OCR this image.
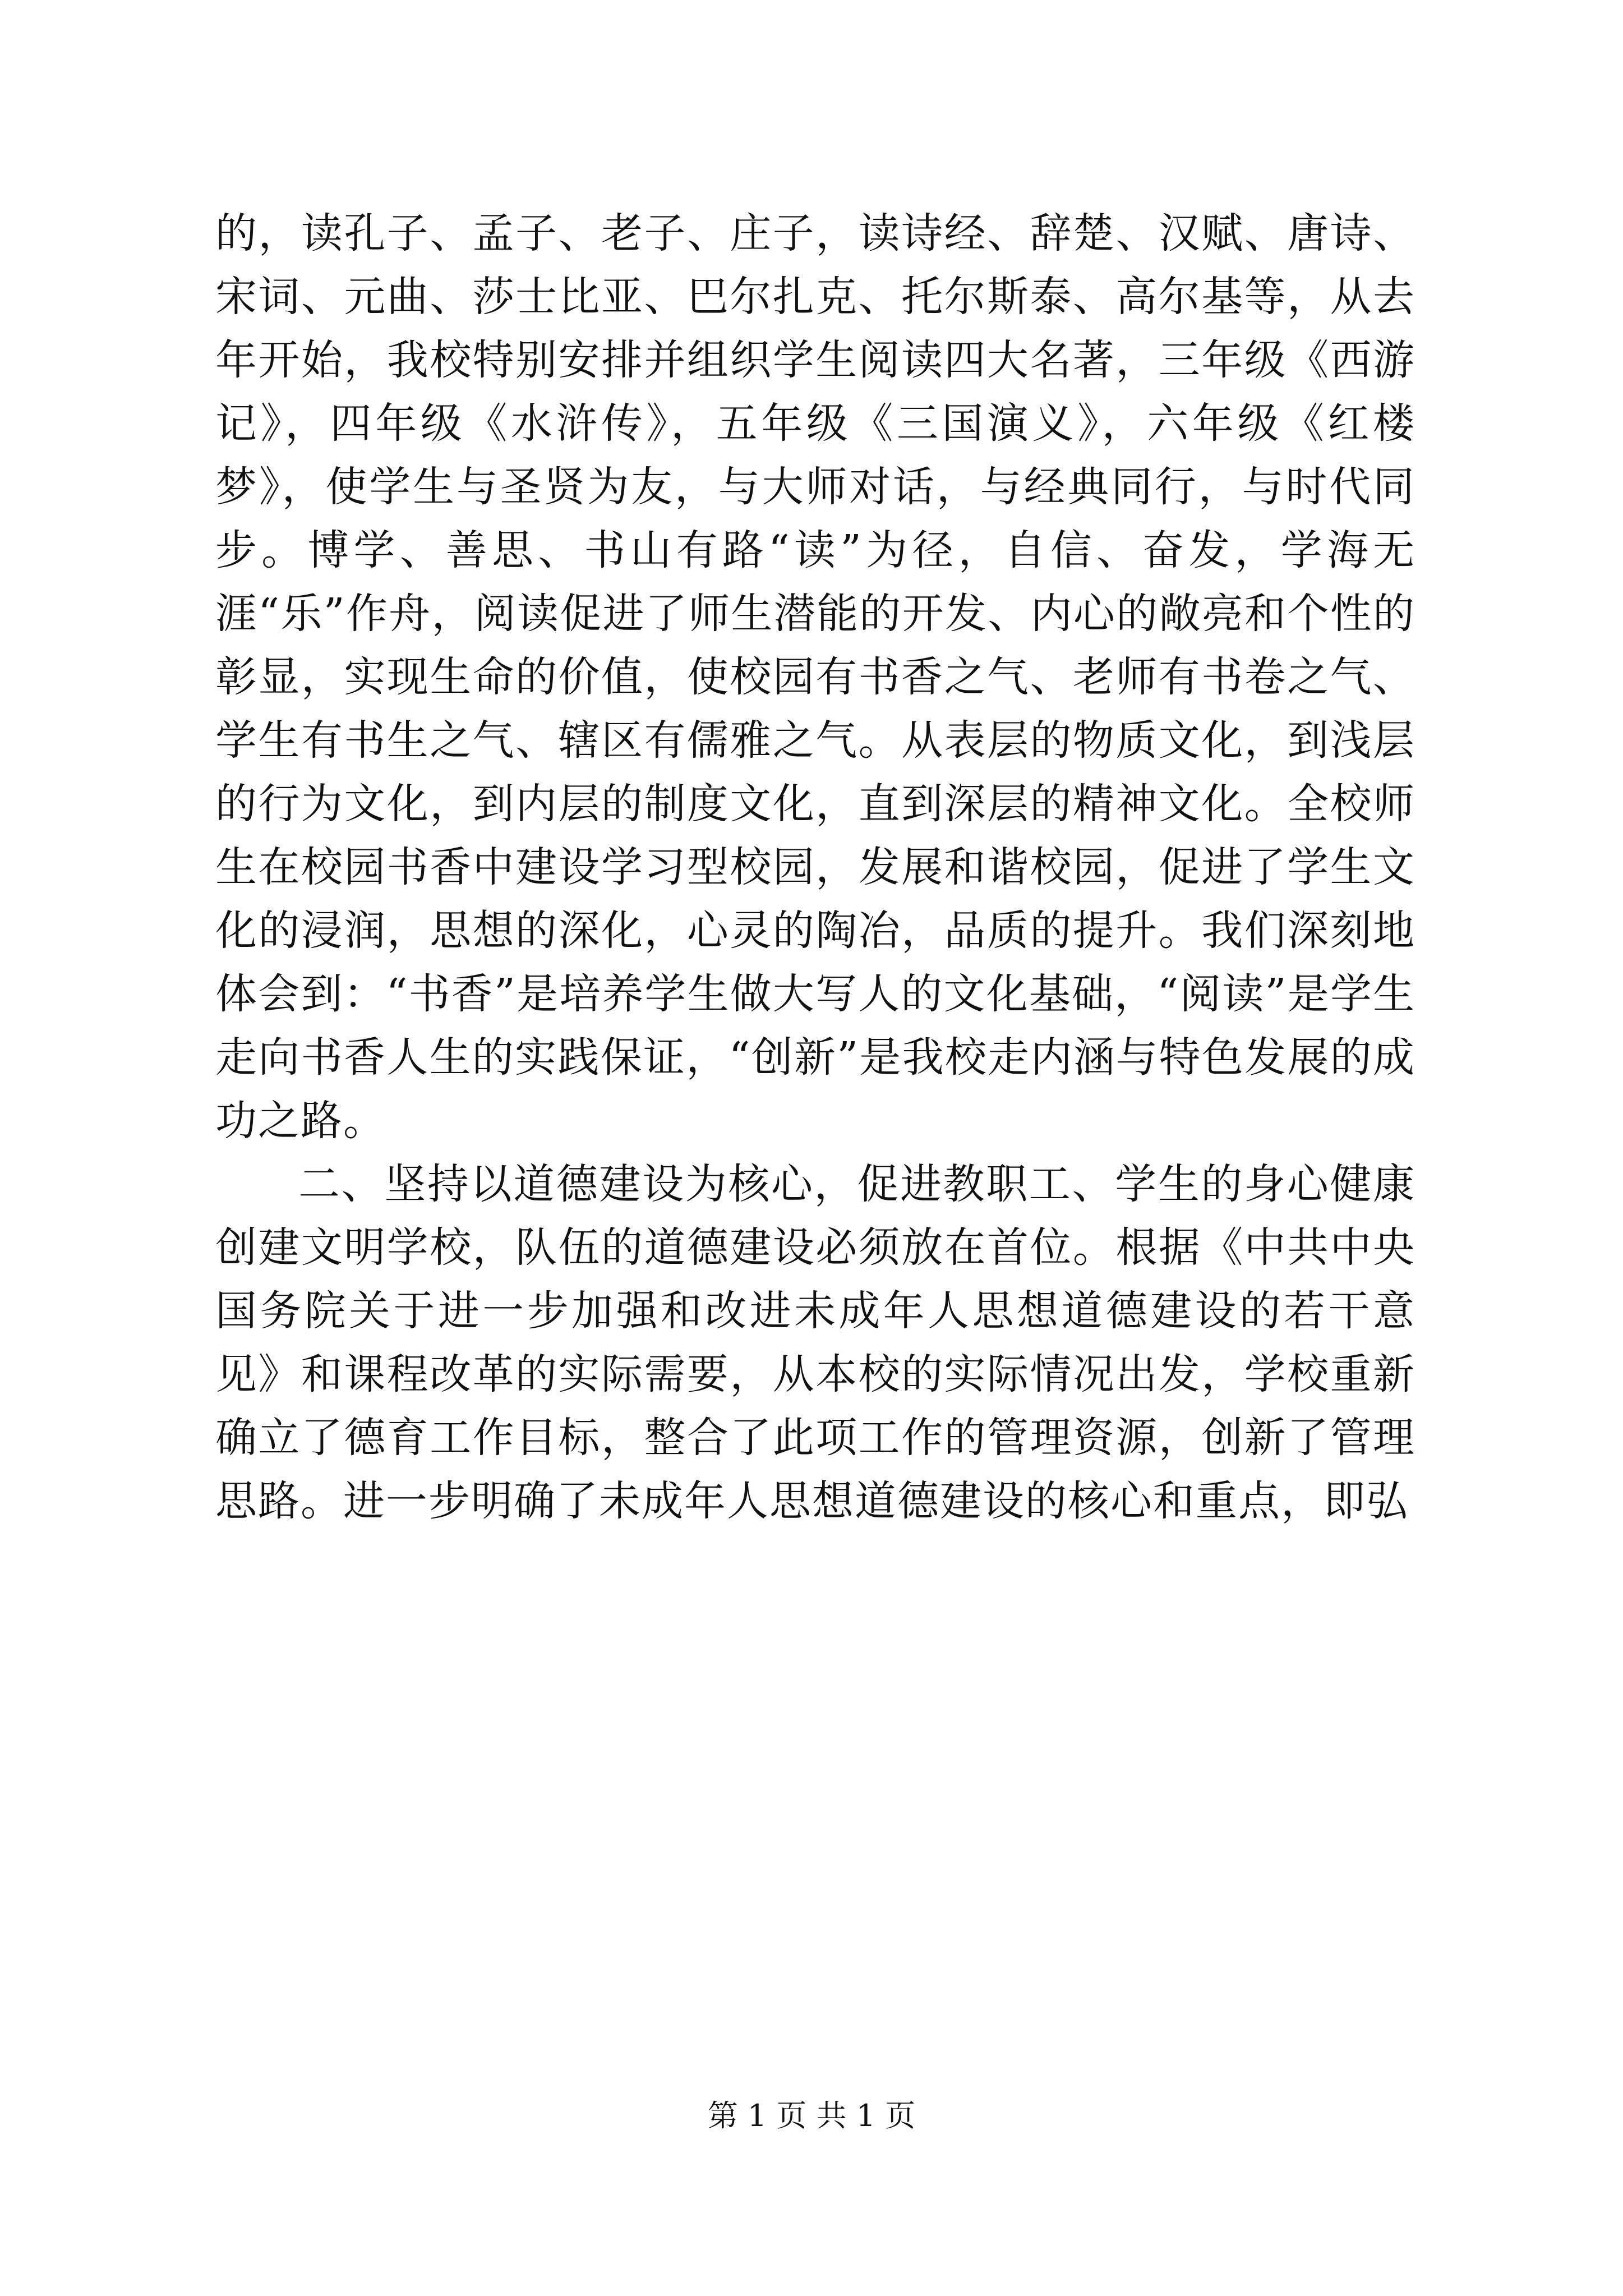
的，读孔子、孟子、老子、庄子，读诗经、辞楚、汉赋、唐诗、宋词、元曲、莎士比亚、巴尔扎克、托尔斯泰、高尔基等，从去年开始，我校特别安排并组织学生阅读四大名著，三年级《西游记》，四年级《水浒传》，五年级《三国演义》，六年级《红楼梦》，使学生与圣贤为友，与大师对话，与经典同行，与时代同步。博学、善思、书山有路“读”为径，自信、奋发，学海无涯“乐”作舟，阅读促进了师生潜能的开发、内心的敞亮和个性的彰显，实现生命的价值，使校园有书香之气、老师有书卷之气、学生有书生之气、辖区有儒雅之气。从表层的物质文化，到浅层的行为文化，到内层的制度文化，直到深层的精神文化。全校师生在校园书香中建设学习型校园，发展和谐校园，促进了学生文化的浸润，思想的深化，心灵的陶冶，品质的提升。我们深刻地体会到：“书香”是培养学生做大写人的文化基础，“阅读”是学生走向书香人生的实践保证，“创新”是我校走内涵与特色发展的成功之路。

二、坚持以道德建设为核心，促进教职工、学生的身心健康创建文明学校，队伍的道德建设必须放在首位。根据《中共中央国务院关于进一步加强和改进未成年人思想道德建设的若干意见》和课程改革的实际需要，从本校的实际情况出发，学校重新确立了德育工作目标，整合了此项工作的管理资源，创新了管理思路。进一步明确了未成年人思想道德建设的核心和重点，即弘

第 1 页 共 1 页
